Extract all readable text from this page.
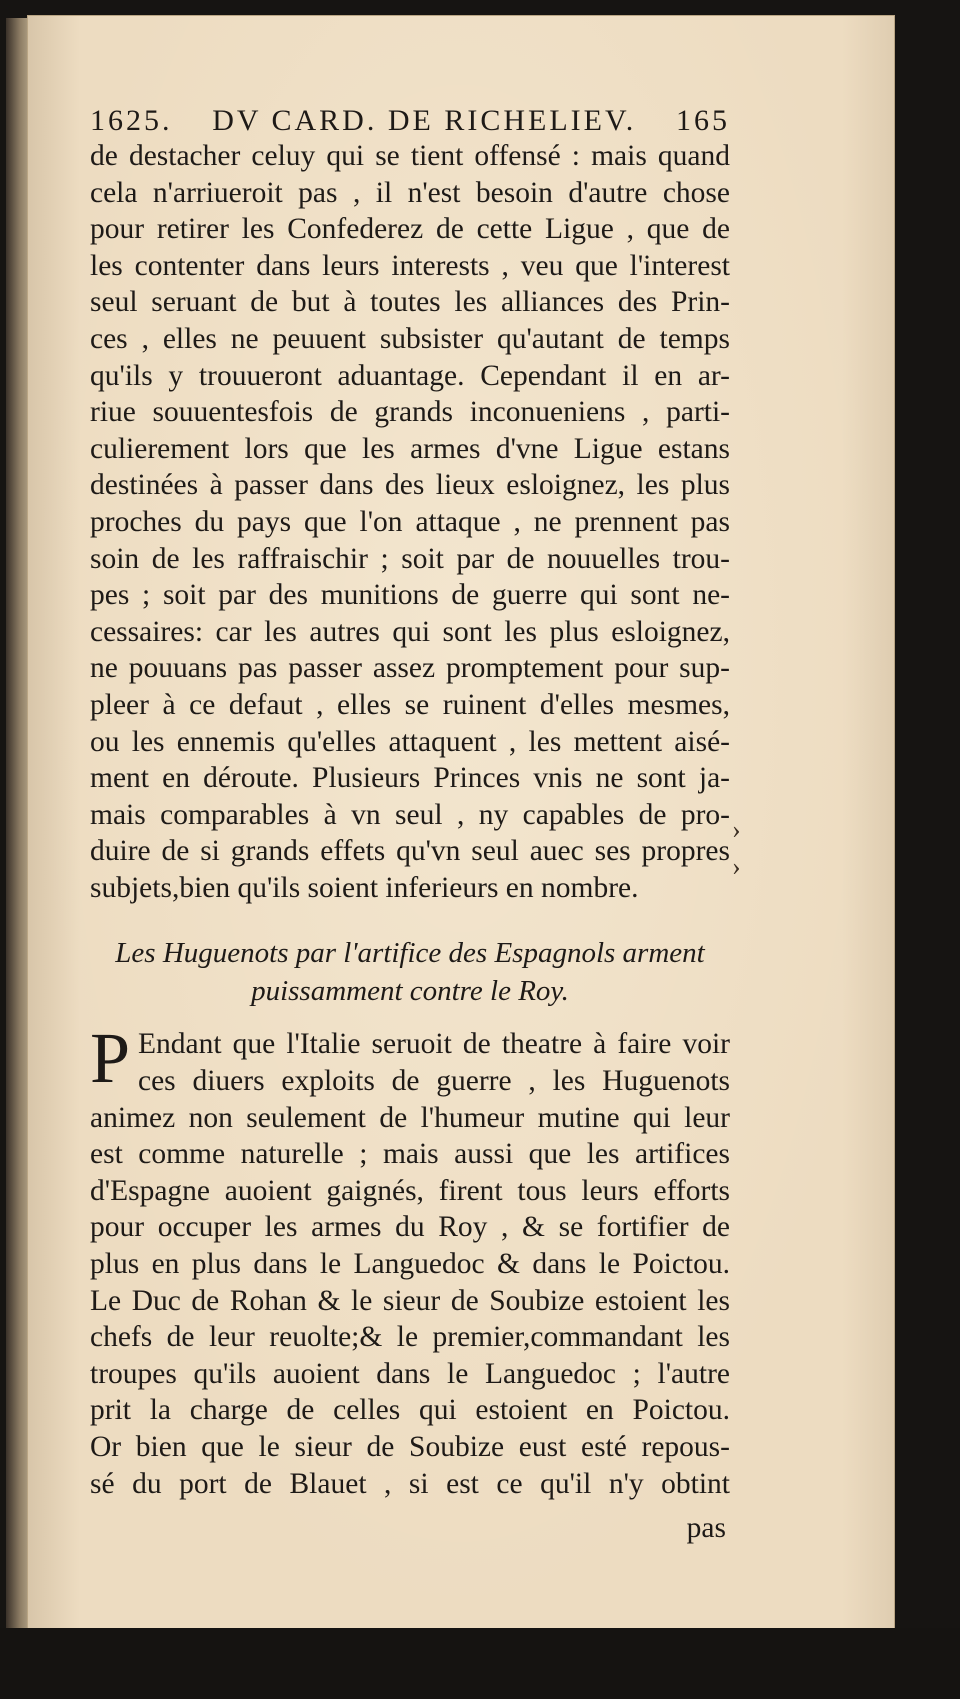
1625. DV CARD. DE RICHELIEV. 165
de destacher celuy qui se tient offensé : mais quand
cela n'arriueroit pas , il n'est besoin d'autre chose
pour retirer les Confederez de cette Ligue , que de
les contenter dans leurs interests , veu que l'interest
seul seruant de but à toutes les alliances des Prin-
ces , elles ne peuuent subsister qu'autant de temps
qu'ils y trouueront aduantage. Cependant il en ar-
riue souuentesfois de grands inconueniens , parti-
culierement lors que les armes d'vne Ligue estans
destinées à passer dans des lieux esloignez, les plus
proches du pays que l'on attaque , ne prennent pas
soin de les raffraischir ; soit par de nouuelles trou-
pes ; soit par des munitions de guerre qui sont ne-
cessaires: car les autres qui sont les plus esloignez,
ne pouuans pas passer assez promptement pour sup-
pleer à ce defaut , elles se ruinent d'elles mesmes,
ou les ennemis qu'elles attaquent , les mettent aisé-
ment en déroute. Plusieurs Princes vnis ne sont ja-
mais comparables à vn seul , ny capables de pro-
duire de si grands effets qu'vn seul auec ses propres
subjets,bien qu'ils soient inferieurs en nombre.
Les Huguenots par l'artifice des Espagnols arment
puissamment contre le Roy.
P Endant que l'Italie seruoit de theatre à faire voir
ces diuers exploits de guerre , les Huguenots
animez non seulement de l'humeur mutine qui leur
est comme naturelle ; mais aussi que les artifices
d'Espagne auoient gaignés, firent tous leurs efforts
pour occuper les armes du Roy , & se fortifier de
plus en plus dans le Languedoc & dans le Poictou.
Le Duc de Rohan & le sieur de Soubize estoient les
chefs de leur reuolte;& le premier,commandant les
troupes qu'ils auoient dans le Languedoc ; l'autre
prit la charge de celles qui estoient en Poictou.
Or bien que le sieur de Soubize eust esté repous-
sé du port de Blauet , si est ce qu'il n'y obtint
pas
›
›
